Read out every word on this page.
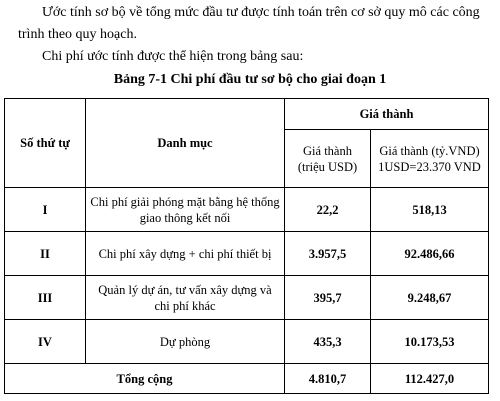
Ước tính sơ bộ về tổng mức đầu tư được tính toán trên cơ sở quy mô các công
trình theo quy hoạch.

Chi phí ước tính được thể hiện trong bảng sau:

Bảng 7-1 Chi phí đầu tư sơ bộ cho giai đoạn 1
Số thứ tự	Danh mục	Giá thành	
		Giá thành (triệu USD)	Giá thành (tỷ.VND)
1USD=23.370 VND
I	Chi phí giải phóng mặt bằng hệ thống giao thông kết nối	22,2	518,13
II	Chi phí xây dựng + chi phí thiết bị	3.957,5	92.486,66
III	Quản lý dự án, tư vấn xây dựng và chi phí khác	395,7	9.248,67
IV	Dự phòng	435,3	10.173,53
Tổng cộng		4.810,7	112.427,0
